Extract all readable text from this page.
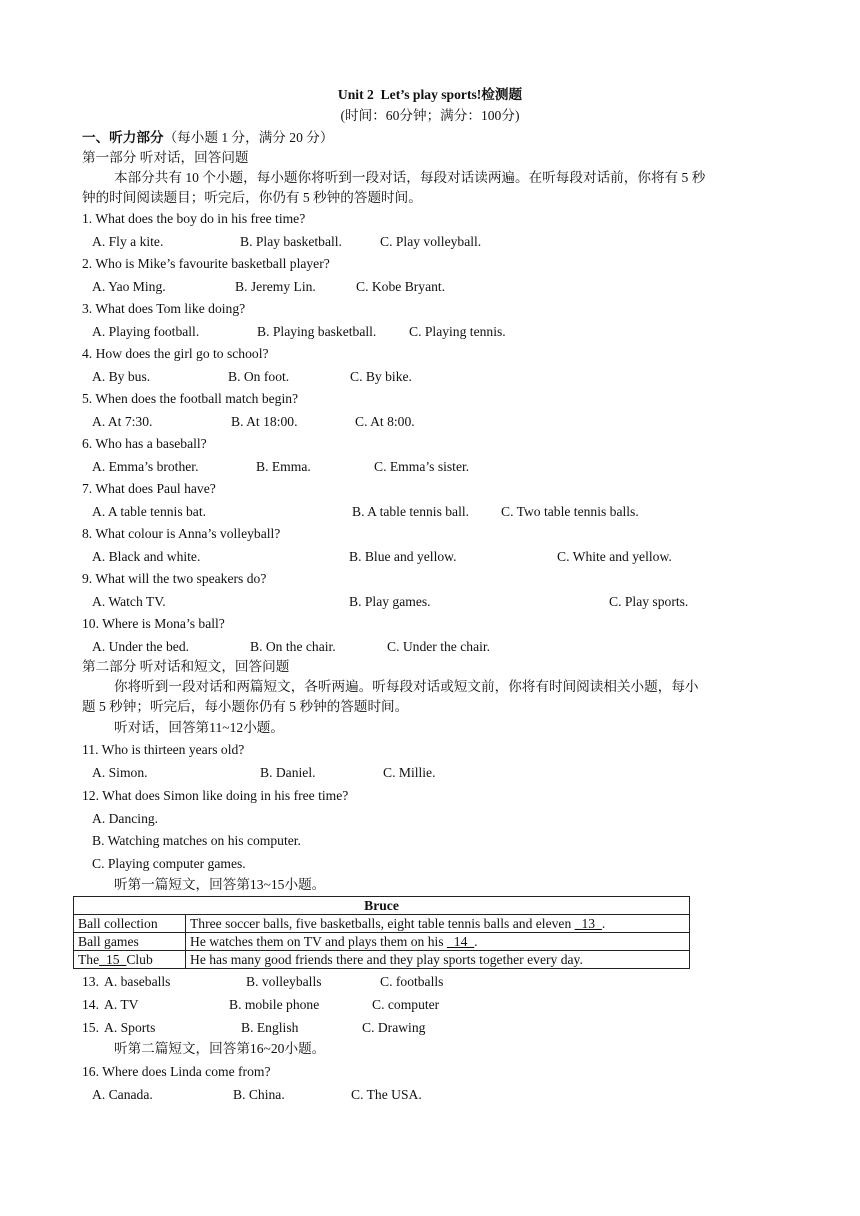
Unit 2  Let’s play sports!检测题
(时间：60分钟；满分：100分)
一、听力部分（每小题 1 分，满分 20 分）
第一部分 听对话，回答问题
本部分共有 10 个小题，每小题你将听到一段对话，每段对话读两遍。在听每段对话前，你将有 5 秒
钟的时间阅读题目；听完后，你仍有 5 秒钟的答题时间。
1. What does the boy do in his free time?
A. Fly a kite.	B. Play basketball.	C. Play volleyball.
2. Who is Mike’s favourite basketball player?
A. Yao Ming.	B. Jeremy Lin.	C. Kobe Bryant.
3. What does Tom like doing?
A. Playing football.	B. Playing basketball. C. Playing tennis.
4. How does the girl go to school?
A. By bus.	B. On foot.	C. By bike.
5. When does the football match begin?
A. At 7:30.	B. At 18:00.	C. At 8:00.
6. Who has a baseball?
A. Emma’s brother.	B. Emma.	C. Emma’s sister.
7. What does Paul have?
A. A table tennis bat.	B. A table tennis ball. C. Two table tennis balls.
8. What colour is Anna’s volleyball?
A. Black and white.	B. Blue and yellow.	C. White and yellow.
9. What will the two speakers do?
A. Watch TV.	B. Play games.	C. Play sports.
10. Where is Mona’s ball?
A. Under the bed.	B. On the chair.	C. Under the chair.
第二部分 听对话和短文，回答问题
你将听到一段对话和两篇短文，各听两遍。听每段对话或短文前，你将有时间阅读相关小题，每小
题 5 秒钟；听完后，每小题你仍有 5 秒钟的答题时间。
听对话，回答第11~12小题。
11. Who is thirteen years old?
A. Simon.	B. Daniel.	C. Millie.
12. What does Simon like doing in his free time?
A. Dancing.
B. Watching matches on his computer.
C. Playing computer games.
听第一篇短文，回答第13~15小题。
Bruce	
Ball collection	Three soccer balls, five basketballs, eight table tennis balls and eleven _13_.
Ball games	He watches them on TV and plays them on his _14_.
The_15_Club	He has many good friends there and they play sports together every day.
13. A. baseballs	B. volleyballs	C. footballs
14. A. TV	B. mobile phone	C. computer
15. A. Sports	B. English	C. Drawing
听第二篇短文，回答第16~20小题。
16. Where does Linda come from?
A. Canada.	B. China.	C. The USA.
